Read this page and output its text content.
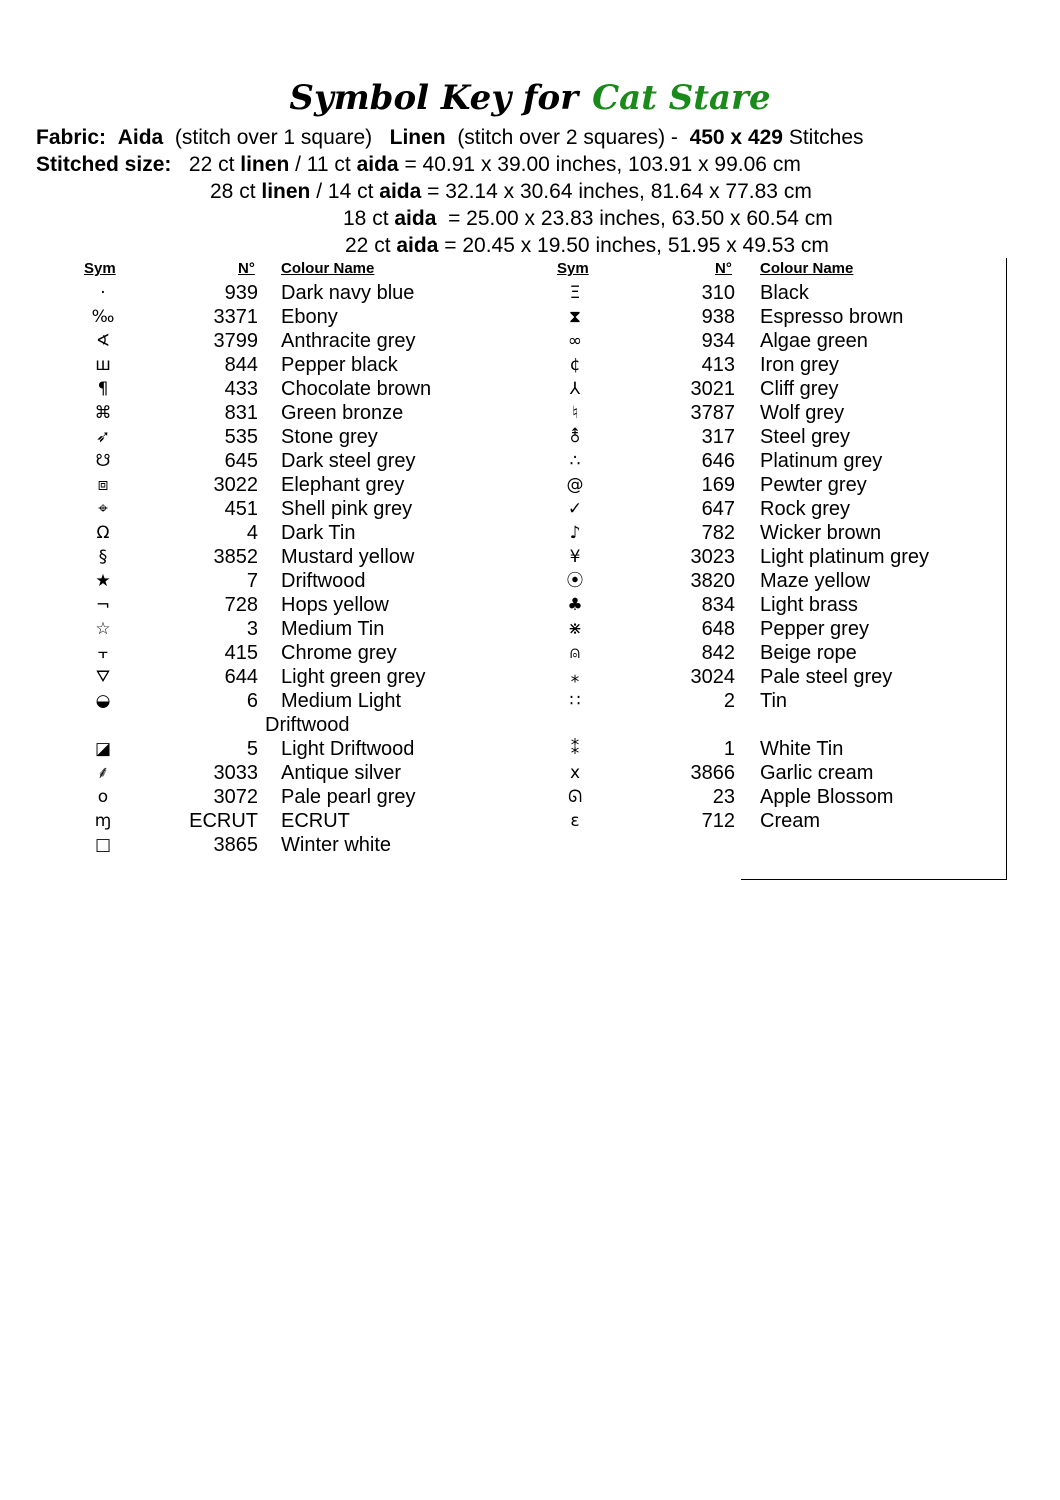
Symbol Key for Cat Stare
Fabric: Aida (stitch over 1 square) Linen (stitch over 2 squares) - 450 x 429 Stitches
Stitched size: 22 ct linen / 11 ct aida = 40.91 x 39.00 inches, 103.91 x 99.06 cm
28 ct linen / 14 ct aida = 32.14 x 30.64 inches, 81.64 x 77.83 cm
18 ct aida  = 25.00 x 23.83 inches, 63.50 x 60.54 cm
22 ct aida = 20.45 x 19.50 inches, 51.95 x 49.53 cm
Sym	N° Colour Name	Sym	N° Colour Name
·	939 Dark navy blue
‰	3371 Ebony
∢	3799 Anthracite grey
ш	844 Pepper black
¶	433 Chocolate brown
⌘	831 Green bronze
➶	535 Stone grey
☋	645 Dark steel grey
⧈	3022 Elephant grey
⌖	451 Shell pink grey
Ω	4 Dark Tin
§	3852 Mustard yellow
★	7 Driftwood
¬	728 Hops yellow
☆	3 Medium Tin
⫟	415 Chrome grey
⛛	644 Light green grey
◒	6 Medium Light
Driftwood
◪	5 Light Driftwood
⸙	3033 Antique silver
o	3072 Pale pearl grey
ɱ	ECRUT ECRUT
□	3865 Winter white
Ξ	310 Black
⧗	938 Espresso brown
∞	934 Algae green
¢	413 Iron grey
⅄	3021 Cliff grey
♮	3787 Wolf grey
⚨	317 Steel grey
∴	646 Platinum grey
@	169 Pewter grey
✓	647 Rock grey
♪	782 Wicker brown
¥	3023 Light platinum grey
⦿	3820 Maze yellow
♣	834 Light brass
⋇	648 Pepper grey
⍝	842 Beige rope
⁎	3024 Pale steel grey
∷	2 Tin
⁑	1 White Tin
x	3866 Garlic cream
ᘏ	23 Apple Blossom
ɛ	712 Cream
